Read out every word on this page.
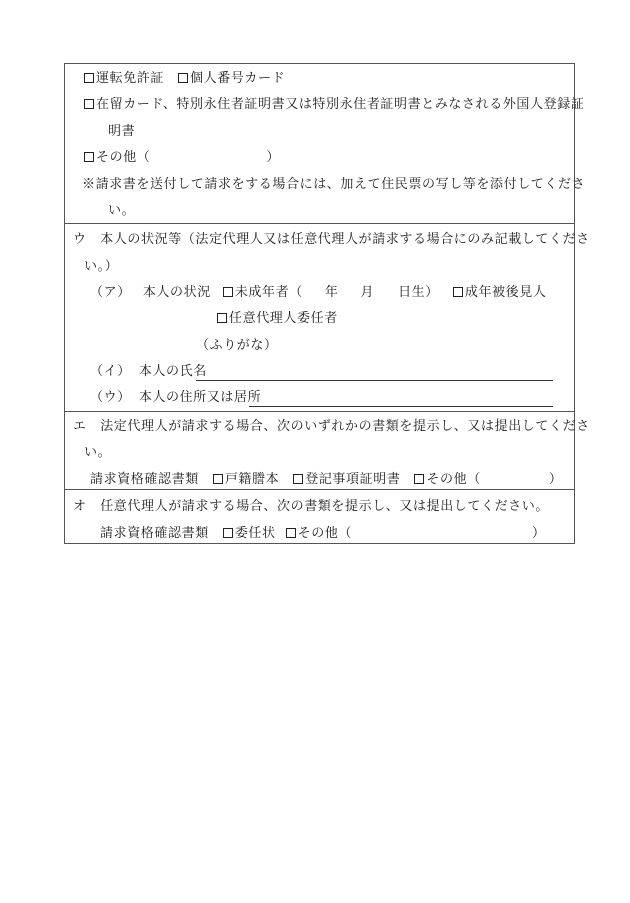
運転免許証 個人番号カード
在留カード、特別永住者証明書又は特別永住者証明書とみなされる外国人登録証
明書
その他（	）
※請求書を送付して請求をする場合には、加えて住民票の写し等を添付してくださ
い。
ウ　本人の状況等（法定代理人又は任意代理人が請求する場合にのみ記載してくださ
い。）
（ア） 本人の状況 未成年者（ 年 月 日生） 成年被後見人
任意代理人委任者
（ふりがな）
（イ） 本人の氏名
（ウ） 本人の住所又は居所
エ　法定代理人が請求する場合、次のいずれかの書類を提示し、又は提出してくださ
い。
請求資格確認書類 戸籍謄本 登記事項証明書 その他（	）
オ　任意代理人が請求する場合、次の書類を提示し、又は提出してください。
請求資格確認書類 委任状 その他（	）
